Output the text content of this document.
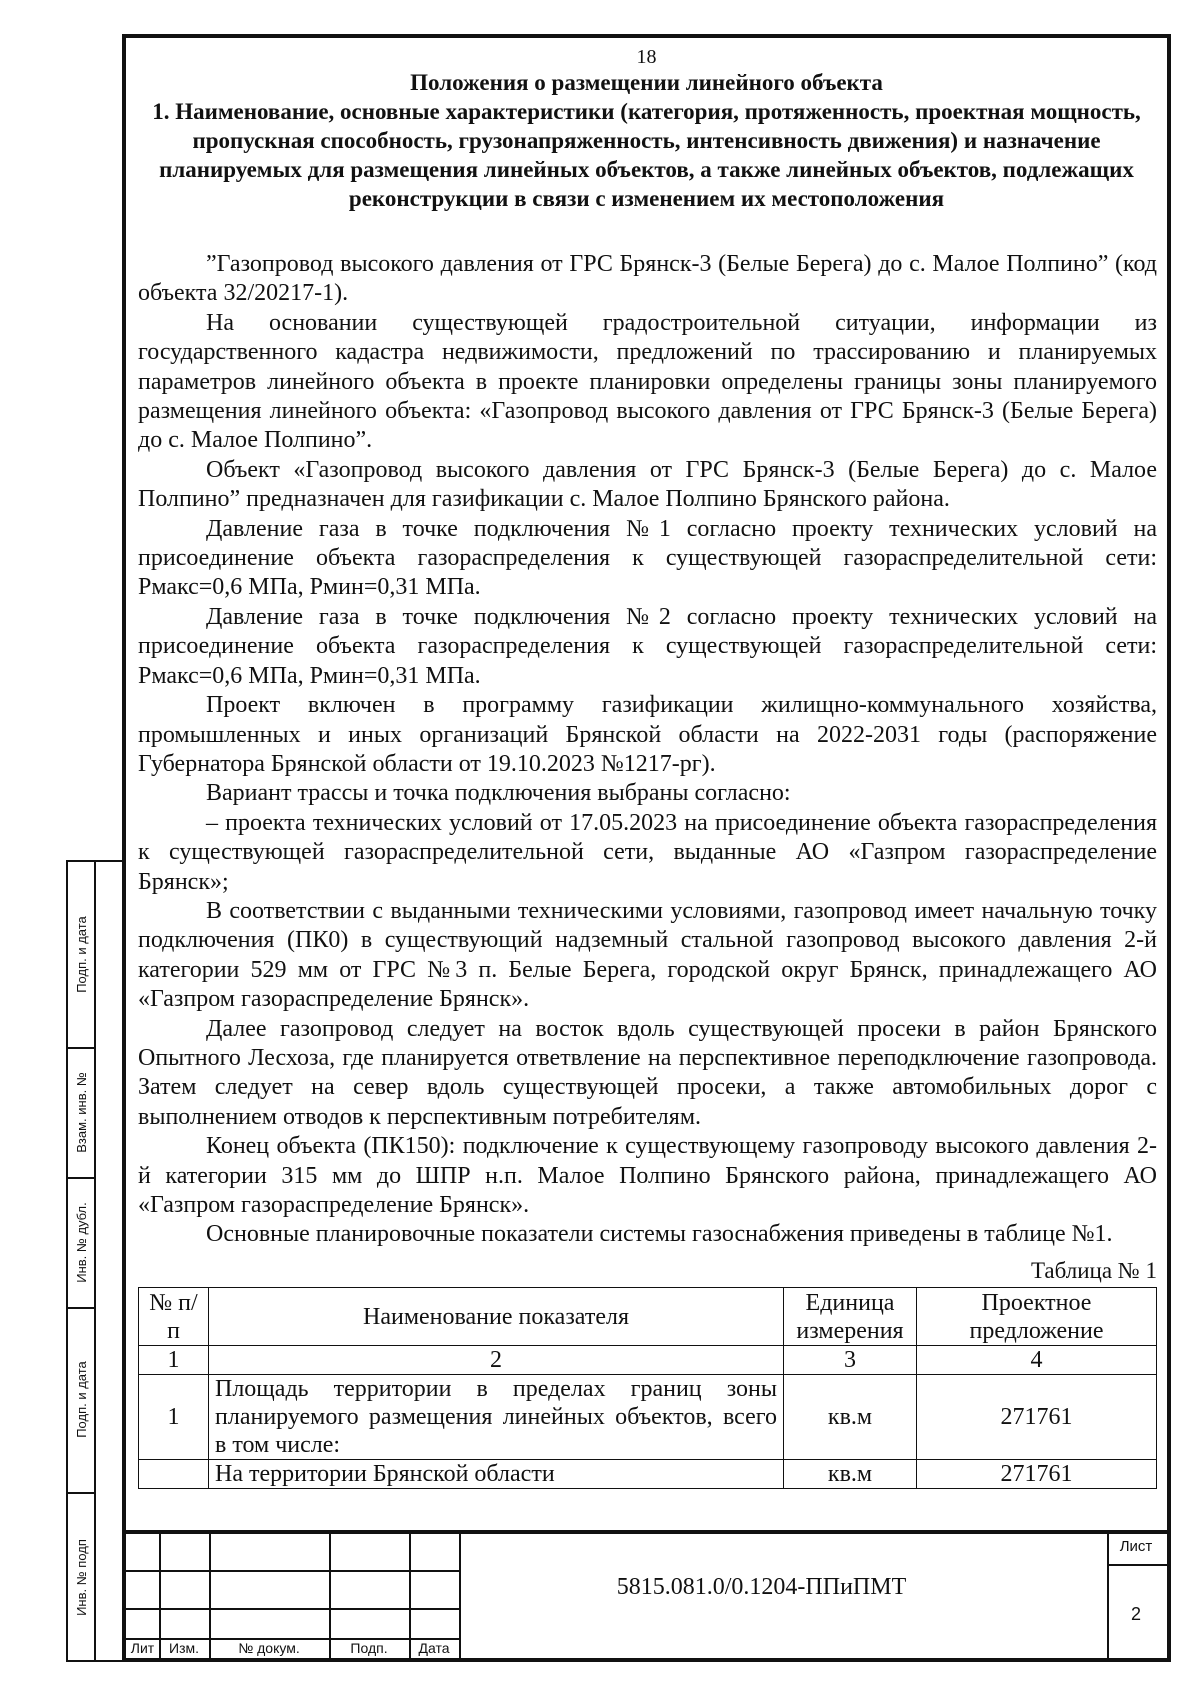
Подп. и дата
Взам. инв. №
Инв. № дубл.
Подп. и дата
Инв. № подп
18
Положения о размещении линейного объекта
1. Наименование, основные характеристики (категория, протяженность, проектная мощность, пропускная способность, грузонапряженность, интенсивность движения) и назначение планируемых для размещения линейных объектов, а также линейных объектов, подлежащих реконструкции в связи с изменением их местоположения

”Газопровод высокого давления от ГРС Брянск-3 (Белые Берега) до с. Малое Полпино” (код объекта 32/20217-1).

На основании существующей градостроительной ситуации, информации из государственного кадастра недвижимости, предложений по трассированию и планируемых параметров линейного объекта в проекте планировки определены границы зоны планируемого размещения линейного объекта: «Газопровод высокого давления от ГРС Брянск-3 (Белые Берега) до с. Малое Полпино”.

Объект «Газопровод высокого давления от ГРС Брянск-3 (Белые Берега) до с. Малое Полпино” предназначен для газификации с. Малое Полпино Брянского района.

Давление газа в точке подключения №1 согласно проекту технических условий на присоединение объекта газораспределения к существующей газораспределительной сети: Рмакс=0,6 МПа, Рмин=0,31 МПа.

Давление газа в точке подключения №2 согласно проекту технических условий на присоединение объекта газораспределения к существующей газораспределительной сети: Рмакс=0,6 МПа, Рмин=0,31 МПа.

Проект включен в программу газификации жилищно-коммунального хозяйства, промышленных и иных организаций Брянской области на 2022-2031 годы (распоряжение Губернатора Брянской области от 19.10.2023 №1217-рг).

Вариант трассы и точка подключения выбраны согласно:

– проекта технических условий от 17.05.2023 на присоединение объекта газораспределения к существующей газораспределительной сети, выданные АО «Газпром газораспределение Брянск»;

В соответствии с выданными техническими условиями, газопровод имеет начальную точку подключения (ПК0) в существующий надземный стальной газопровод высокого давления 2-й категории 529 мм от ГРС №3 п. Белые Берега, городской округ Брянск, принадлежащего АО «Газпром газораспределение Брянск».

Далее газопровод следует на восток вдоль существующей просеки в район Брянского Опытного Лесхоза, где планируется ответвление на перспективное переподключение газопровода. Затем следует на север вдоль существующей просеки, а также автомобильных дорог с выполнением отводов к перспективным потребителям.

Конец объекта (ПК150): подключение к существующему газопроводу высокого давления 2-й категории 315 мм до ШПР н.п. Малое Полпино Брянского района, принадлежащего АО «Газпром газораспределение Брянск».

Основные планировочные показатели системы газоснабжения приведены в таблице №1.

Таблица № 1
№ п/п	Наименование показателя	Единица измерения	Проектное предложение
1	2	3	4
1	Площадь территории в пределах границ зоны планируемого размещения линейных объектов, всего в том числе:	кв.м	271761
	На территории Брянской области	кв.м	271761
Лит	Изм.	№ докум.	Подп.	Дата
5815.081.0/0.1204-ППиПМТ
Лист
2
